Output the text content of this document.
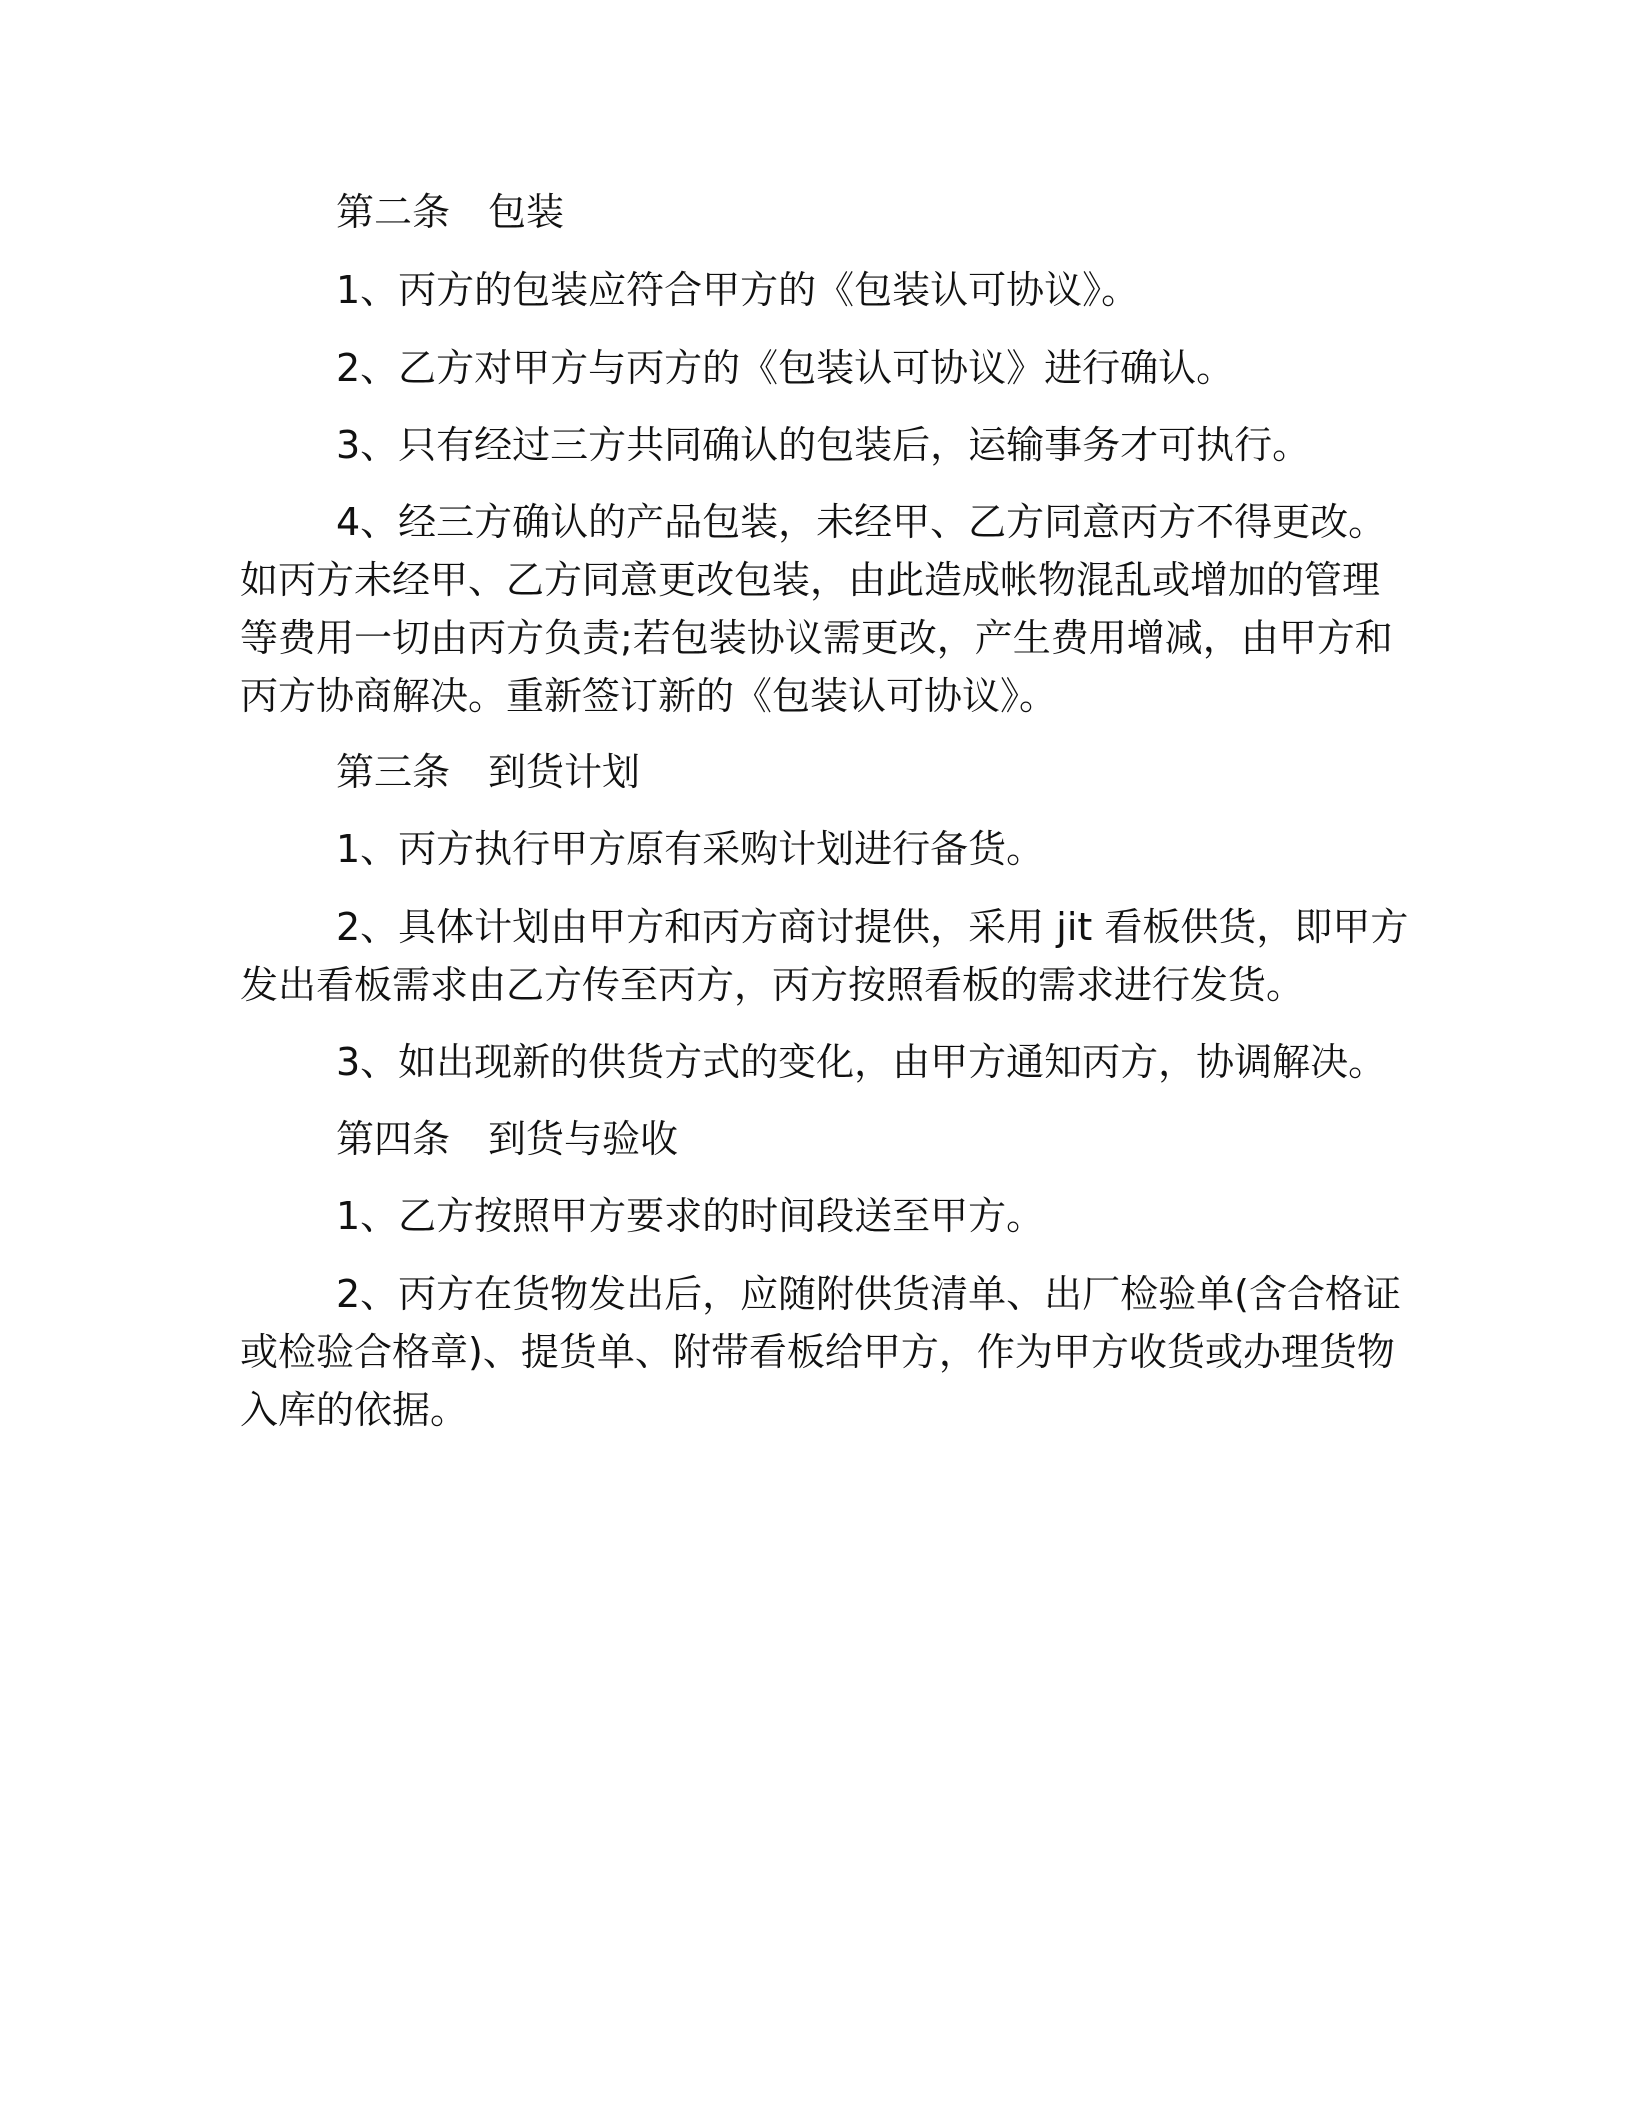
第二条 包装

1、丙方的包装应符合甲方的《包装认可协议》。

2、乙方对甲方与丙方的《包装认可协议》进行确认。

3、只有经过三方共同确认的包装后，运输事务才可执行。

4、经三方确认的产品包装，未经甲、乙方同意丙方不得更改。

如丙方未经甲、乙方同意更改包装，由此造成帐物混乱或增加的管理

等费用一切由丙方负责;若包装协议需更改，产生费用增减，由甲方和

丙方协商解决。重新签订新的《包装认可协议》。

第三条 到货计划

1、丙方执行甲方原有采购计划进行备货。

2、具体计划由甲方和丙方商讨提供，采用 jit 看板供货，即甲方

发出看板需求由乙方传至丙方，丙方按照看板的需求进行发货。

3、如出现新的供货方式的变化，由甲方通知丙方，协调解决。

第四条 到货与验收

1、乙方按照甲方要求的时间段送至甲方。

2、丙方在货物发出后，应随附供货清单、出厂检验单(含合格证

或检验合格章)、提货单、附带看板给甲方，作为甲方收货或办理货物

入库的依据。
